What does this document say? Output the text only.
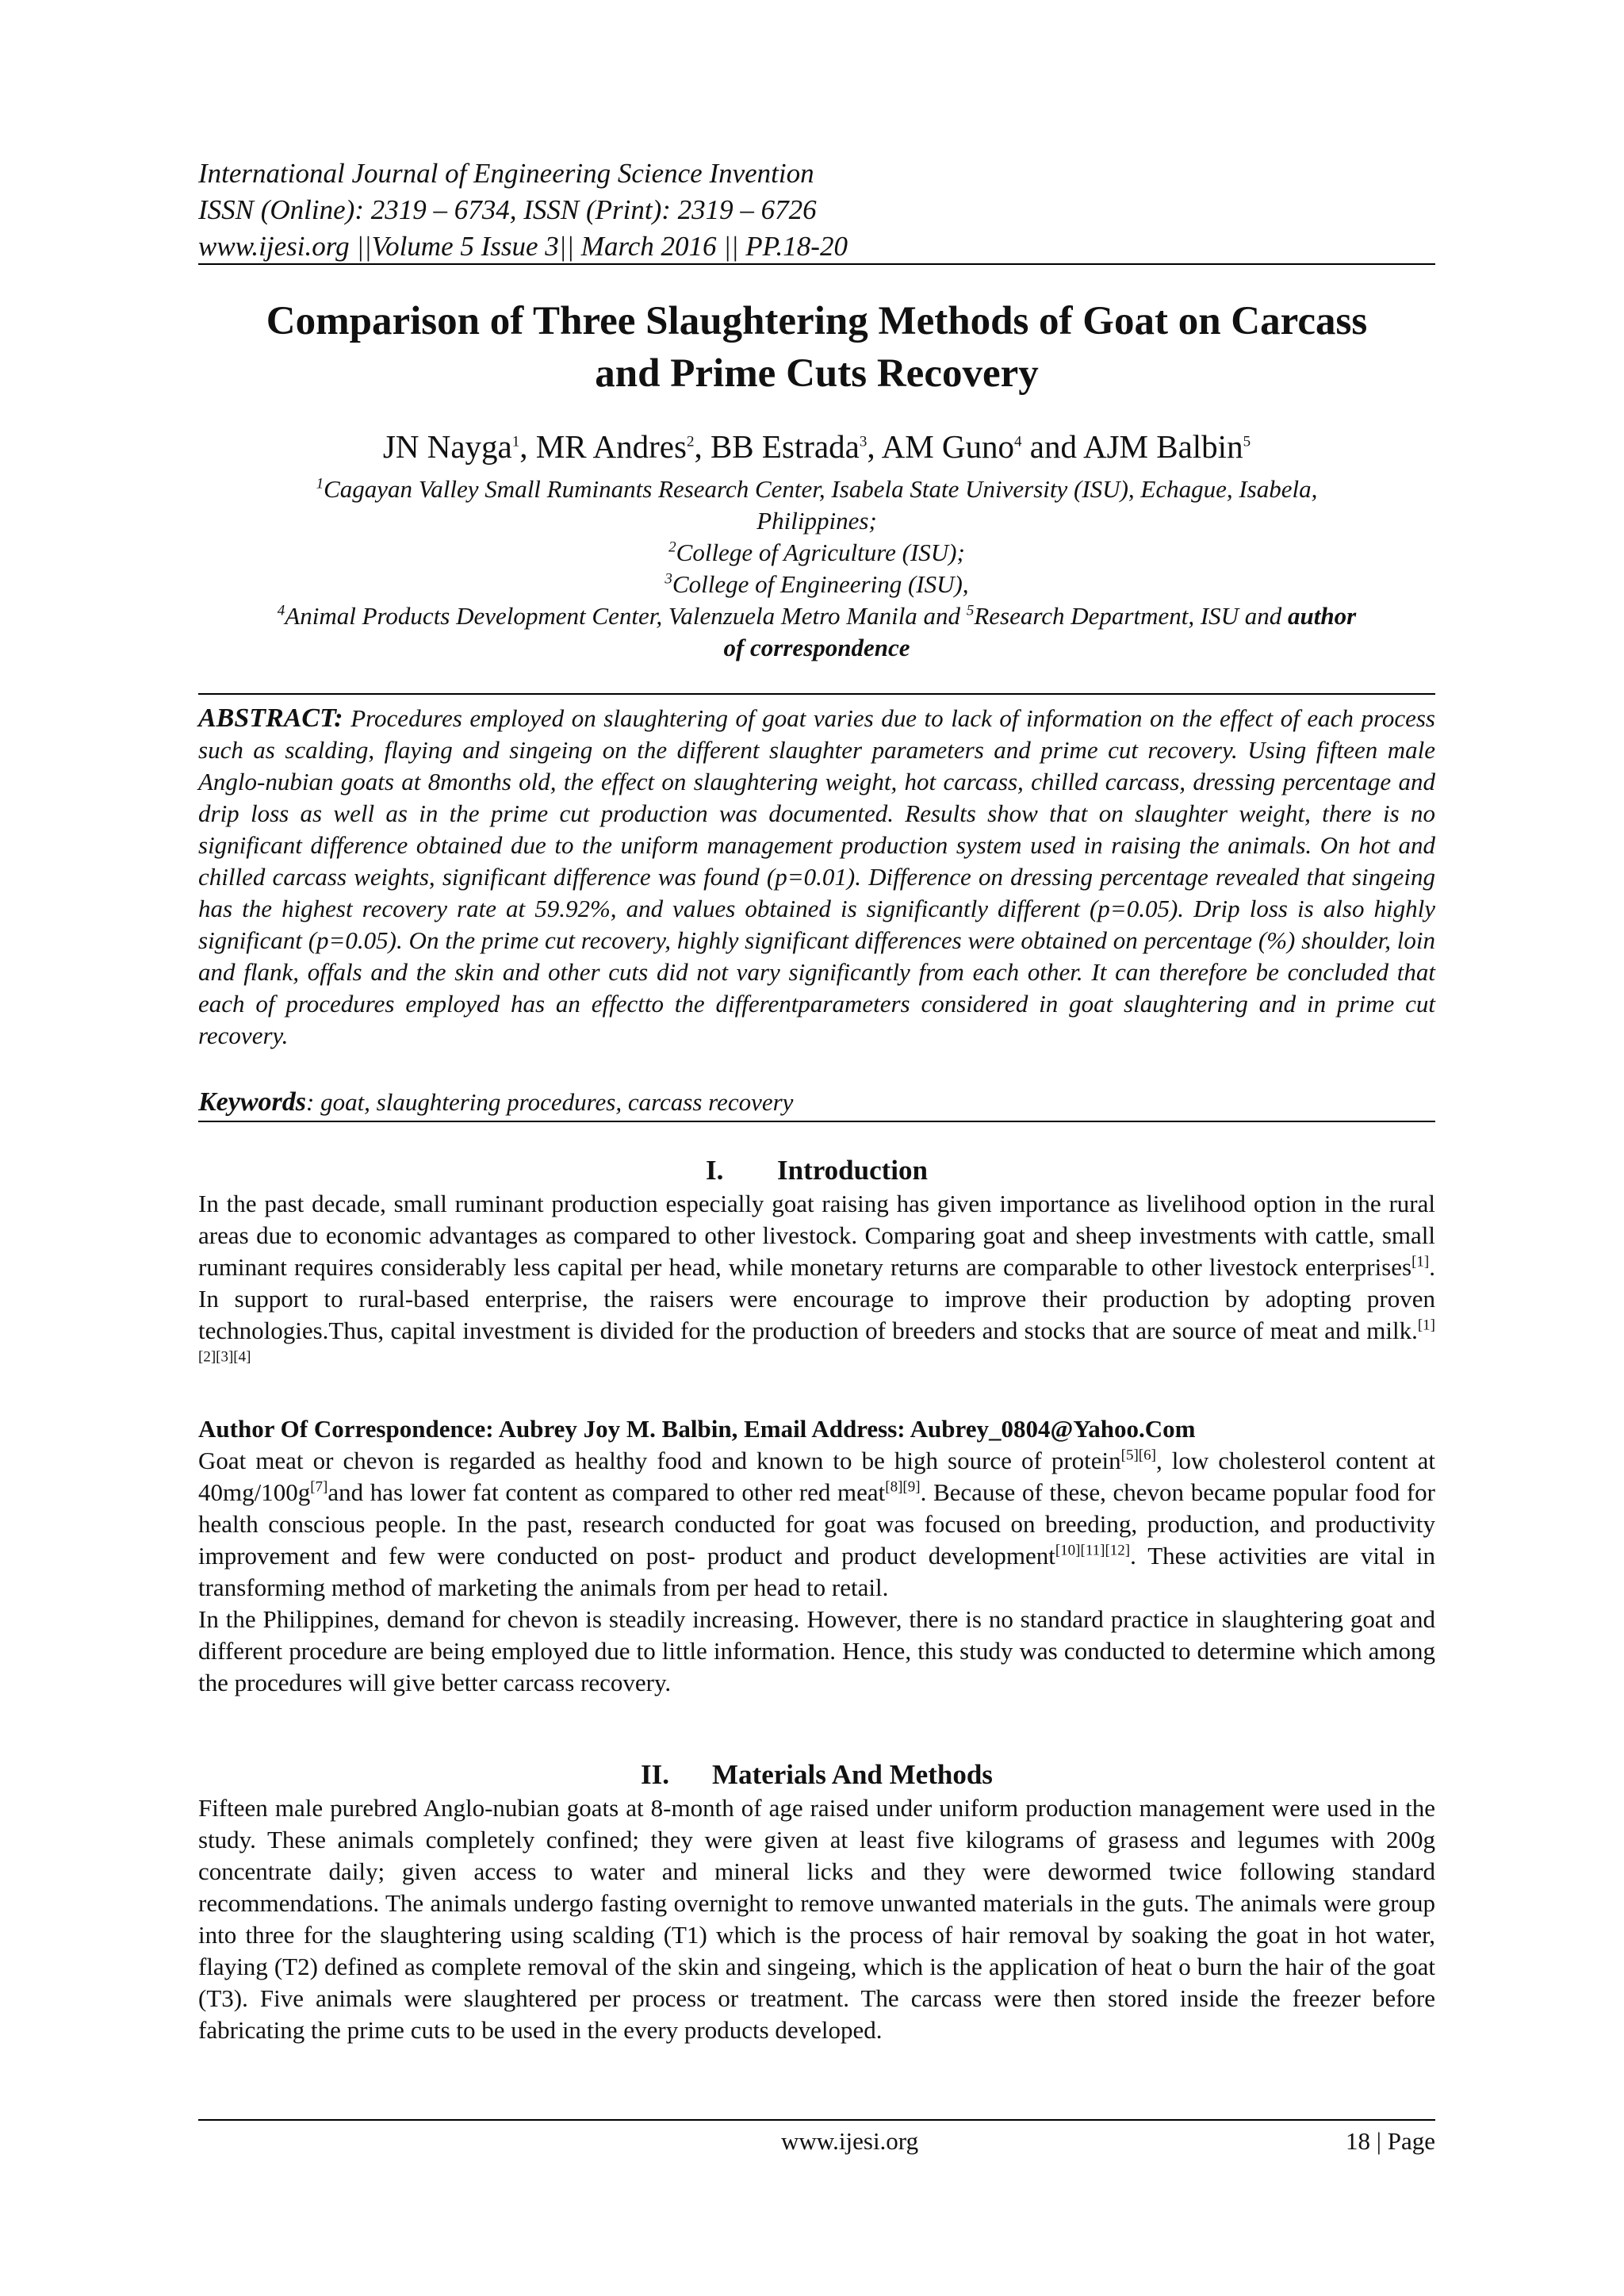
International Journal of Engineering Science Invention
ISSN (Online): 2319 – 6734, ISSN (Print): 2319 – 6726
www.ijesi.org ||Volume 5 Issue 3|| March 2016 || PP.18-20
Comparison of Three Slaughtering Methods of Goat on Carcass
and Prime Cuts Recovery
JN Nayga$^1$, MR Andres$^2$, BB Estrada$^3$, AM Guno$^4$ and AJM Balbin$^5$
$^1$Cagayan Valley Small Ruminants Research Center, Isabela State University (ISU), Echague, Isabela,
Philippines;
$^2$College of Agriculture (ISU);
$^3$College of Engineering (ISU),
$^4$Animal Products Development Center, Valenzuela Metro Manila and $^5$Research Department, ISU and author
of correspondence
ABSTRACT: Procedures employed on slaughtering of goat varies due to lack of information on the effect of each process such as scalding, flaying and singeing on the different slaughter parameters and prime cut recovery. Using fifteen male Anglo-nubian goats at 8months old, the effect on slaughtering weight, hot carcass, chilled carcass, dressing percentage and drip loss as well as in the prime cut production was documented. Results show that on slaughter weight, there is no significant difference obtained due to the uniform management production system used in raising the animals. On hot and chilled carcass weights, significant difference was found (p=0.01). Difference on dressing percentage revealed that singeing has the highest recovery rate at 59.92%, and values obtained is significantly different (p=0.05). Drip loss is also highly significant (p=0.05). On the prime cut recovery, highly significant differences were obtained on percentage (%) shoulder, loin and flank, offals and the skin and other cuts did not vary significantly from each other. It can therefore be concluded that each of procedures employed has an effectto the differentparameters considered in goat slaughtering and in prime cut recovery.
Keywords: goat, slaughtering procedures, carcass recovery
I. Introduction

In the past decade, small ruminant production especially goat raising has given importance as livelihood option in the rural areas due to economic advantages as compared to other livestock. Comparing goat and sheep investments with cattle, small ruminant requires considerably less capital per head, while monetary returns are comparable to other livestock enterprises[1]. In support to rural-based enterprise, the raisers were encourage to improve their production by adopting proven technologies.Thus, capital investment is divided for the production of breeders and stocks that are source of meat and milk.[1][2][3][4]

Author Of Correspondence: Aubrey Joy M. Balbin, Email Address: Aubrey_0804@Yahoo.Com

Goat meat or chevon is regarded as healthy food and known to be high source of protein[5][6], low cholesterol content at 40mg/100g[7]and has lower fat content as compared to other red meat[8][9]. Because of these, chevon became popular food for health conscious people. In the past, research conducted for goat was focused on breeding, production, and productivity improvement and few were conducted on post- product and product development[10][11][12]. These activities are vital in transforming method of marketing the animals from per head to retail.

In the Philippines, demand for chevon is steadily increasing. However, there is no standard practice in slaughtering goat and different procedure are being employed due to little information. Hence, this study was conducted to determine which among the procedures will give better carcass recovery.

II. Materials And Methods

Fifteen male purebred Anglo-nubian goats at 8-month of age raised under uniform production management were used in the study. These animals completely confined; they were given at least five kilograms of grasess and legumes with 200g concentrate daily; given access to water and mineral licks and they were dewormed twice following standard recommendations. The animals undergo fasting overnight to remove unwanted materials in the guts. The animals were group into three for the slaughtering using scalding (T1) which is the process of hair removal by soaking the goat in hot water, flaying (T2) defined as complete removal of the skin and singeing, which is the application of heat o burn the hair of the goat (T3). Five animals were slaughtered per process or treatment. The carcass were then stored inside the freezer before fabricating the prime cuts to be used in the every products developed.

www.ijesi.org	18 | Page
